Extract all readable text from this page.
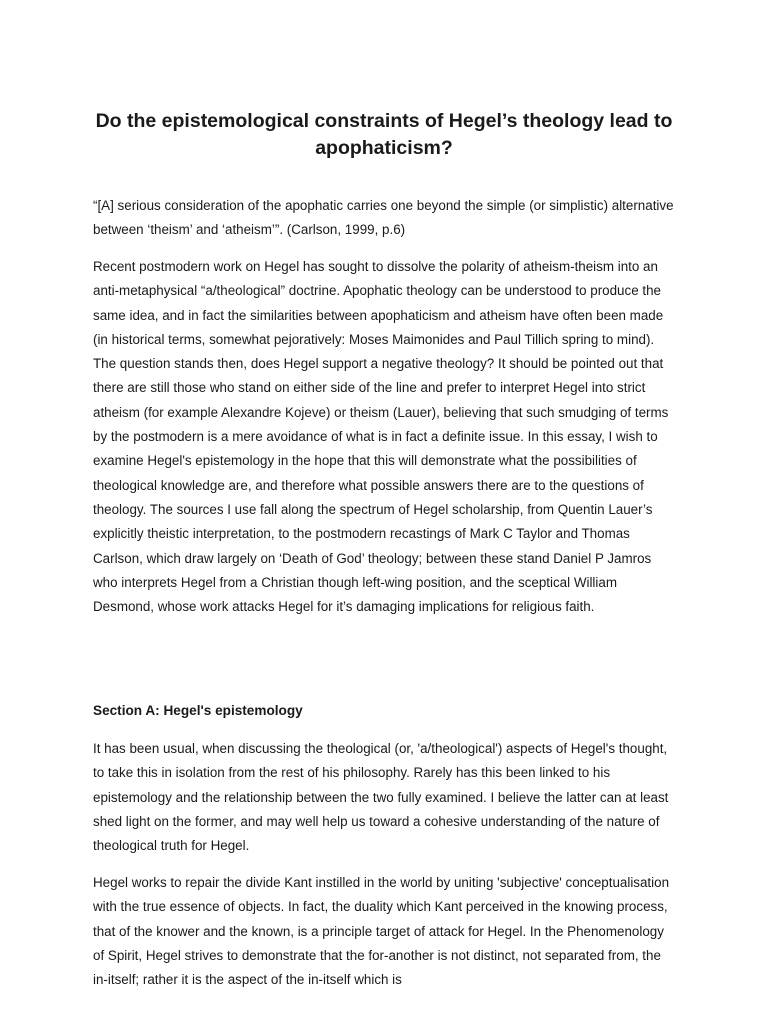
Do the epistemological constraints of Hegel’s theology lead to apophaticism?

“[A] serious consideration of the apophatic carries one beyond the simple (or simplistic) alternative between ‘theism’ and ‘atheism’”. (Carlson, 1999, p.6)

Recent postmodern work on Hegel has sought to dissolve the polarity of atheism-theism into an anti-metaphysical “a/theological” doctrine. Apophatic theology can be understood to produce the same idea, and in fact the similarities between apophaticism and atheism have often been made (in historical terms, somewhat pejoratively: Moses Maimonides and Paul Tillich spring to mind). The question stands then, does Hegel support a negative theology? It should be pointed out that there are still those who stand on either side of the line and prefer to interpret Hegel into strict atheism (for example Alexandre Kojeve) or theism (Lauer), believing that such smudging of terms by the postmodern is a mere avoidance of what is in fact a definite issue. In this essay, I wish to examine Hegel's epistemology in the hope that this will demonstrate what the possibilities of theological knowledge are, and therefore what possible answers there are to the questions of theology. The sources I use fall along the spectrum of Hegel scholarship, from Quentin Lauer’s explicitly theistic interpretation, to the postmodern recastings of Mark C Taylor and Thomas Carlson, which draw largely on ‘Death of God’ theology; between these stand Daniel P Jamros who interprets Hegel from a Christian though left-wing position, and the sceptical William Desmond, whose work attacks Hegel for it’s damaging implications for religious faith.

Section A: Hegel's epistemology

It has been usual, when discussing the theological (or, 'a/theological') aspects of Hegel's thought, to take this in isolation from the rest of his philosophy. Rarely has this been linked to his epistemology and the relationship between the two fully examined. I believe the latter can at least shed light on the former, and may well help us toward a cohesive understanding of the nature of theological truth for Hegel.

Hegel works to repair the divide Kant instilled in the world by uniting 'subjective' conceptualisation with the true essence of objects. In fact, the duality which Kant perceived in the knowing process, that of the knower and the known, is a principle target of attack for Hegel. In the Phenomenology of Spirit, Hegel strives to demonstrate that the for-another is not distinct, not separated from, the in-itself; rather it is the aspect of the in-itself which is
